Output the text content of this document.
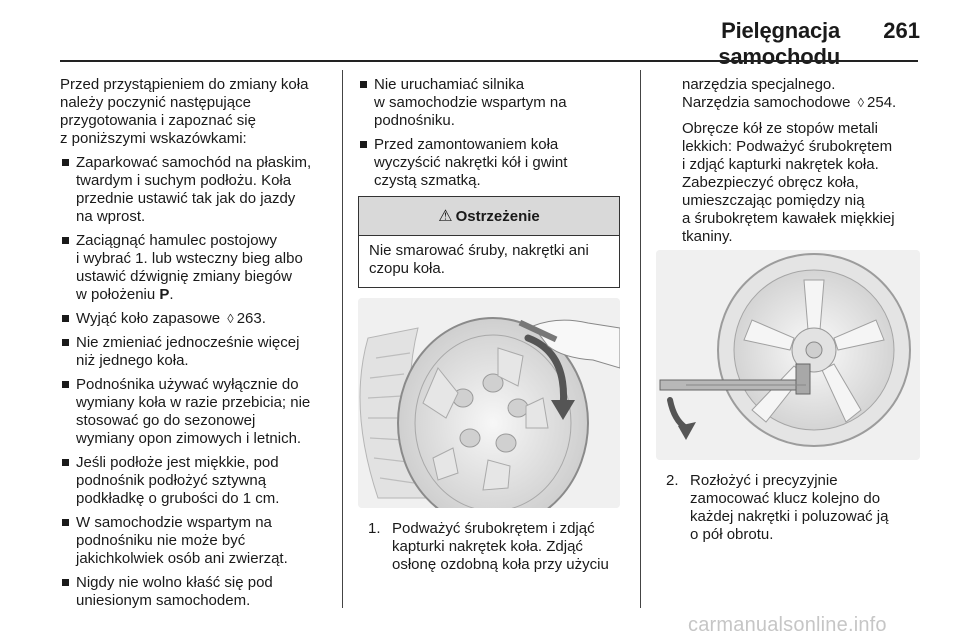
Pielęgnacja samochodu
261

Przed przystąpieniem do zmiany koła
należy poczynić następujące
przygotowania i zapoznać się
z poniższymi wskazówkami:

Zaparkować samochód na płaskim,
twardym i suchym podłożu. Koła
przednie ustawić tak jak do jazdy
na wprost.
Zaciągnąć hamulec postojowy
i wybrać 1. lub wsteczny bieg albo
ustawić dźwignię zmiany biegów
w położeniu P.
Wyjąć koło zapasowe ◊ 263.
Nie zmieniać jednocześnie więcej
niż jednego koła.
Podnośnika używać wyłącznie do
wymiany koła w razie przebicia; nie
stosować go do sezonowej
wymiany opon zimowych i letnich.
Jeśli podłoże jest miękkie, pod
podnośnik podłożyć sztywną
podkładkę o grubości do 1 cm.
W samochodzie wspartym na
podnośniku nie może być
jakichkolwiek osób ani zwierząt.
Nigdy nie wolno kłaść się pod
uniesionym samochodem.
Nie uruchamiać silnika
w samochodzie wspartym na
podnośniku.
Przed zamontowaniem koła
wyczyścić nakrętki kół i gwint
czystą szmatką.
⚠ Ostrzeżenie
Nie smarować śruby, nakrętki ani
czopu koła.
1. Podważyć śrubokrętem i zdjąć
kapturki nakrętek koła. Zdjąć
osłonę ozdobną koła przy użyciu

narzędzia specjalnego.
Narzędzia samochodowe ◊ 254.

Obręcze kół ze stopów metali
lekkich: Podważyć śrubokrętem
i zdjąć kapturki nakrętek koła.
Zabezpieczyć obręcz koła,
umieszczając pomiędzy nią
a śrubokrętem kawałek miękkiej
tkaniny.

2. Rozłożyć i precyzyjnie
zamocować klucz kolejno do
każdej nakrętki i poluzować ją
o pół obrotu.
carmanualsonline.info
